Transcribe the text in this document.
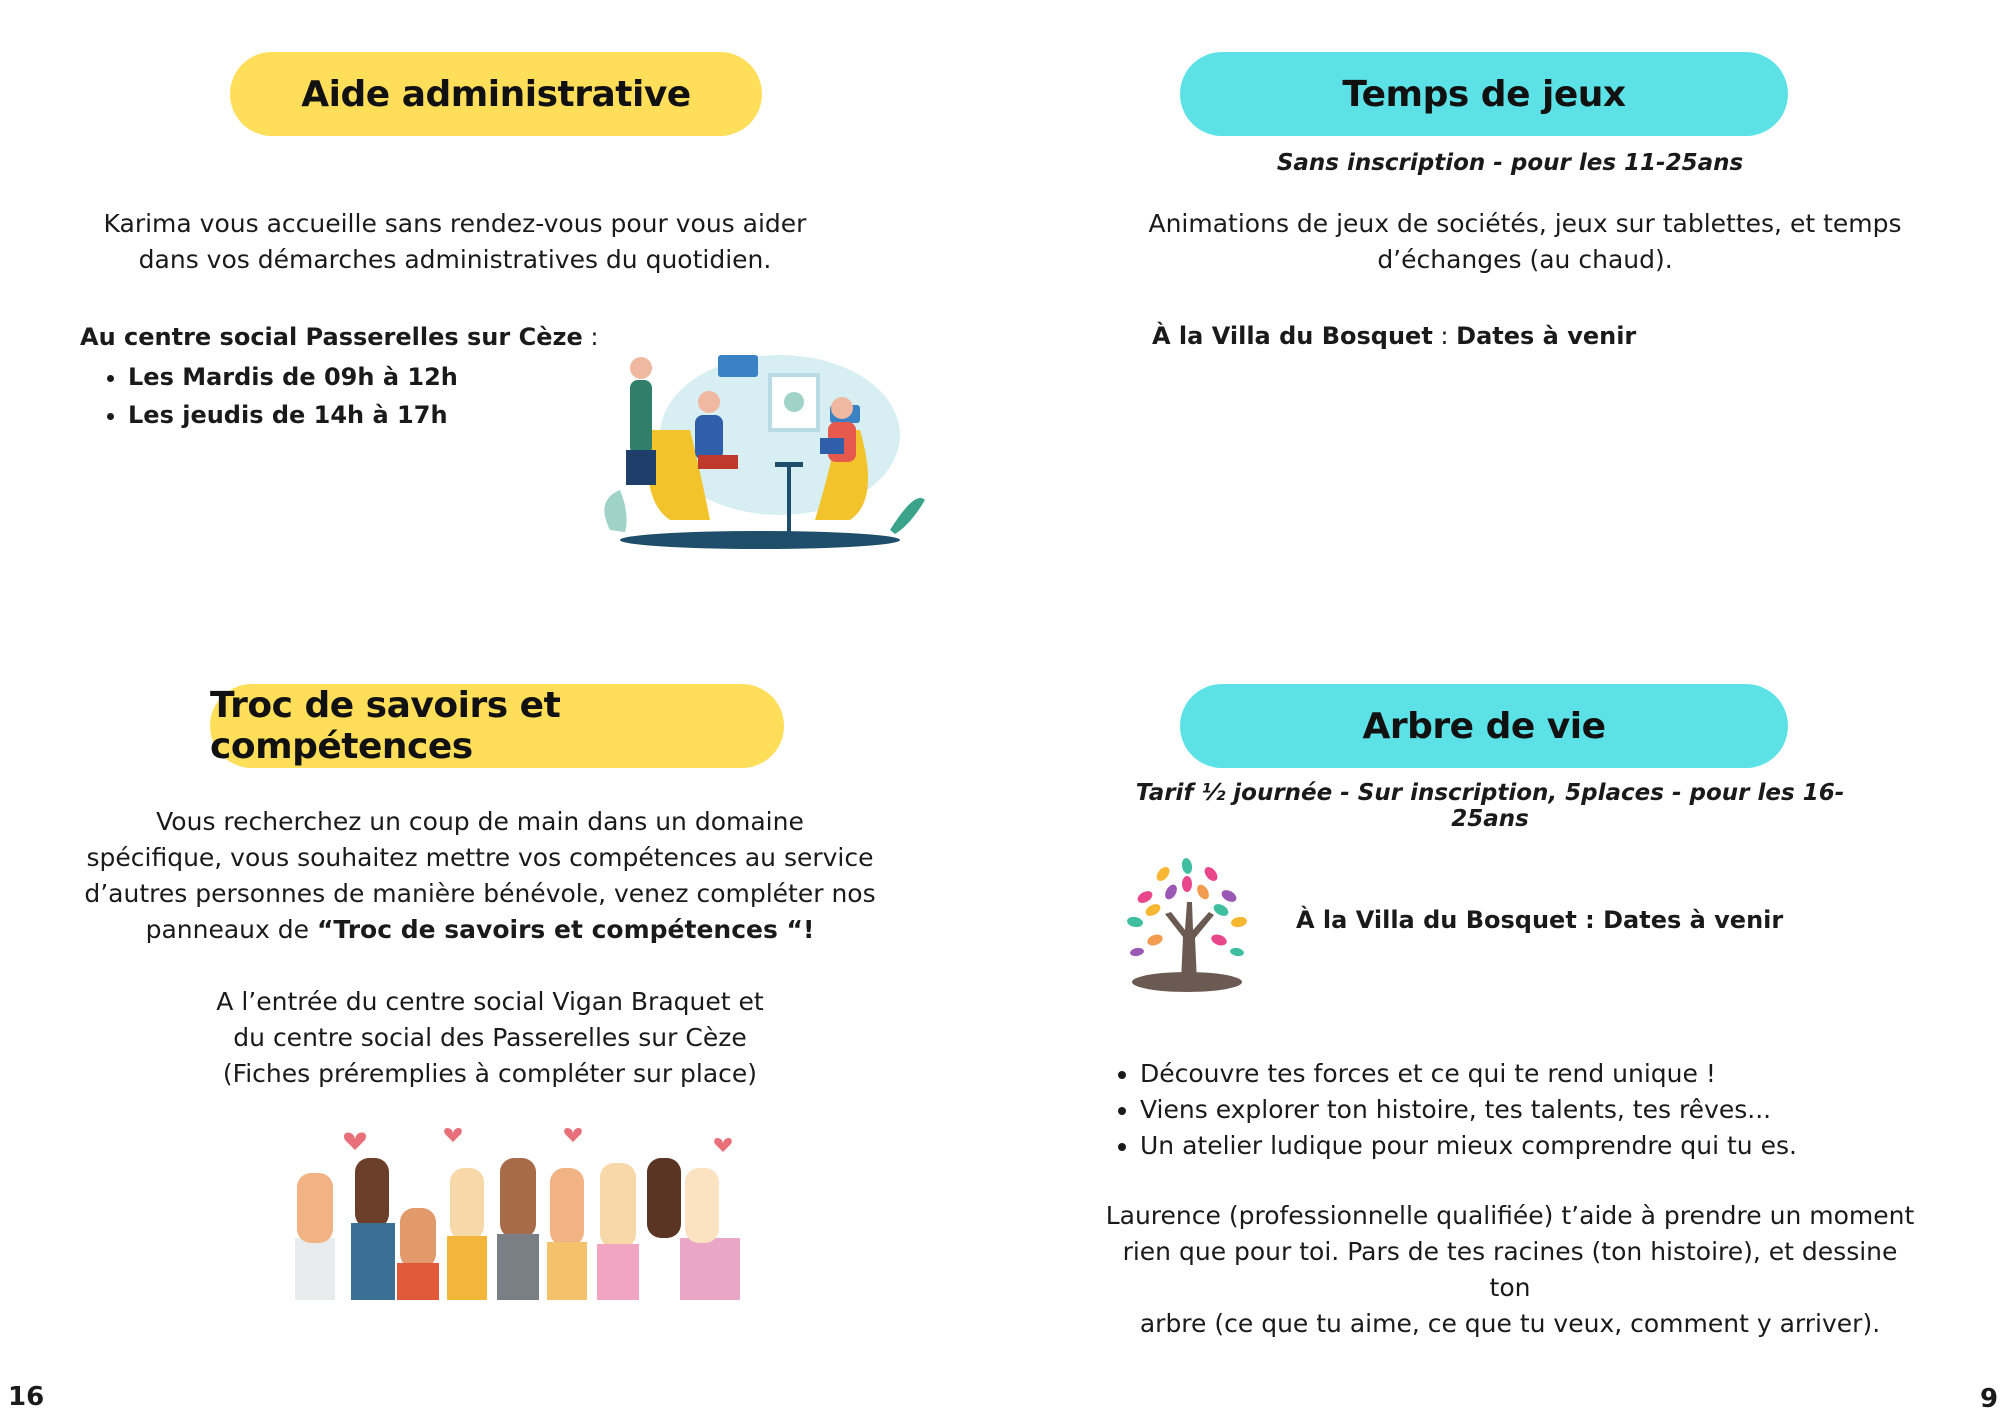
Aide administrative
Karima vous accueille sans rendez-vous pour vous aider
dans vos démarches administratives du quotidien.
Au centre social Passerelles sur Cèze :
• Les Mardis de 09h à 12h
• Les jeudis de 14h à 17h
Troc de savoirs et compétences
Vous recherchez un coup de main dans un domaine
spécifique, vous souhaitez mettre vos compétences au service
d’autres personnes de manière bénévole, venez compléter nos
panneaux de “Troc de savoirs et compétences “!
A l’entrée du centre social Vigan Braquet et
du centre social des Passerelles sur Cèze
(Fiches préremplies à compléter sur place)
16
Temps de jeux
Sans inscription - pour les 11-25ans
Animations de jeux de sociétés, jeux sur tablettes, et temps
d’échanges (au chaud).
À la Villa du Bosquet : Dates à venir
Arbre de vie
Tarif ½ journée - Sur inscription, 5places - pour les 16-25ans
À la Villa du Bosquet : Dates à venir
• Découvre tes forces et ce qui te rend unique !
• Viens explorer ton histoire, tes talents, tes rêves...
• Un atelier ludique pour mieux comprendre qui tu es.
Laurence (professionnelle qualifiée) t’aide à prendre un moment
rien que pour toi. Pars de tes racines (ton histoire), et dessine ton
arbre (ce que tu aime, ce que tu veux, comment y arriver).
9
